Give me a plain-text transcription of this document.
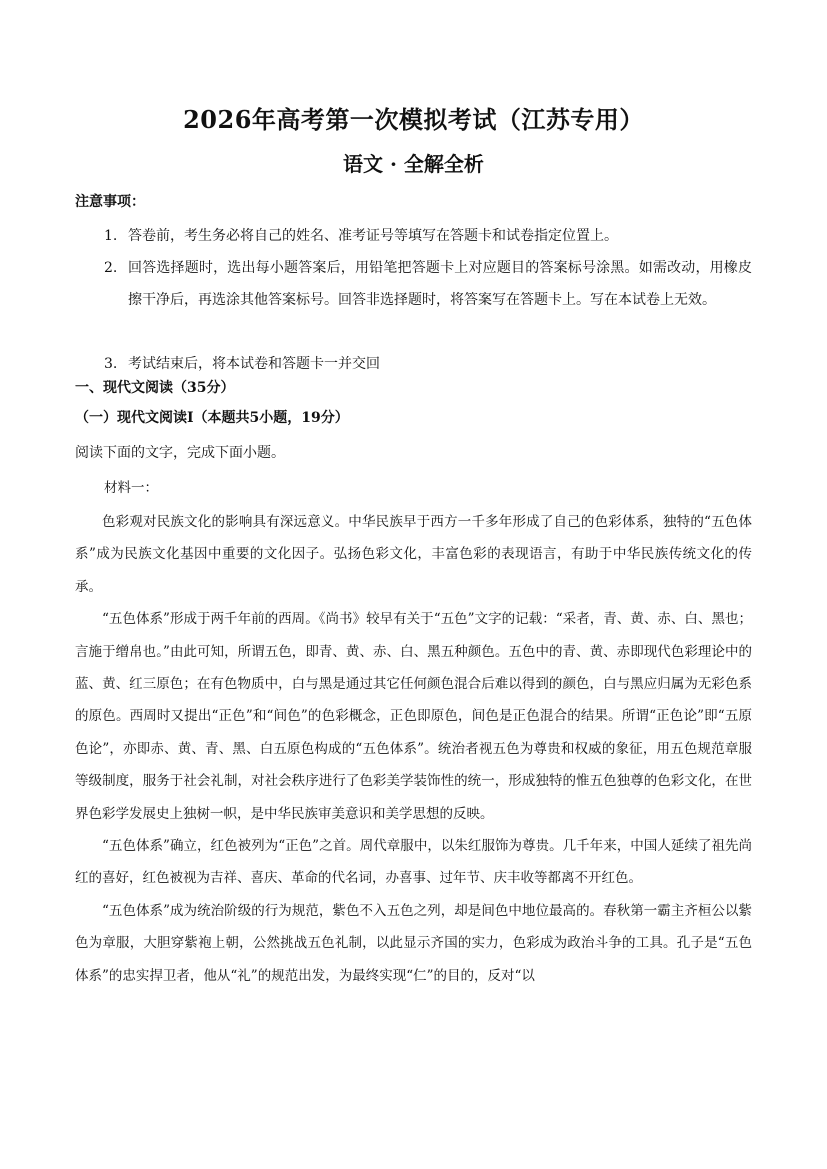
2026年高考第一次模拟考试（江苏专用）
语文 · 全解全析
注意事项：
1. 答卷前，考生务必将自己的姓名、准考证号等填写在答题卡和试卷指定位置上。
2. 回答选择题时，选出每小题答案后，用铅笔把答题卡上对应题目的答案标号涂黑。如需改动，用橡皮擦干净后，再选涂其他答案标号。回答非选择题时，将答案写在答题卡上。写在本试卷上无效。
3. 考试结束后，将本试卷和答题卡一并交回
一、现代文阅读（35分）
（一）现代文阅读Ⅰ（本题共5小题，19分）
阅读下面的文字，完成下面小题。
材料一：

色彩观对民族文化的影响具有深远意义。中华民族早于西方一千多年形成了自己的色彩体系，独特的“五色体系”成为民族文化基因中重要的文化因子。弘扬色彩文化，丰富色彩的表现语言，有助于中华民族传统文化的传承。

“五色体系”形成于两千年前的西周。《尚书》较早有关于“五色”文字的记载：“采者，青、黄、赤、白、黑也；言施于缯帛也。”由此可知，所谓五色，即青、黄、赤、白、黑五种颜色。五色中的青、黄、赤即现代色彩理论中的蓝、黄、红三原色；在有色物质中，白与黑是通过其它任何颜色混合后难以得到的颜色，白与黑应归属为无彩色系的原色。西周时又提出“正色”和“间色”的色彩概念，正色即原色，间色是正色混合的结果。所谓“正色论”即“五原色论”，亦即赤、黄、青、黑、白五原色构成的“五色体系”。统治者视五色为尊贵和权威的象征，用五色规范章服等级制度，服务于社会礼制，对社会秩序进行了色彩美学装饰性的统一，形成独特的惟五色独尊的色彩文化，在世界色彩学发展史上独树一帜，是中华民族审美意识和美学思想的反映。

“五色体系”确立，红色被列为“正色”之首。周代章服中，以朱红服饰为尊贵。几千年来，中国人延续了祖先尚红的喜好，红色被视为吉祥、喜庆、革命的代名词，办喜事、过年节、庆丰收等都离不开红色。

“五色体系”成为统治阶级的行为规范，紫色不入五色之列，却是间色中地位最高的。春秋第一霸主齐桓公以紫色为章服，大胆穿紫袍上朝，公然挑战五色礼制，以此显示齐国的实力，色彩成为政治斗争的工具。孔子是“五色体系”的忠实捍卫者，他从“礼”的规范出发，为最终实现“仁”的目的，反对“以
